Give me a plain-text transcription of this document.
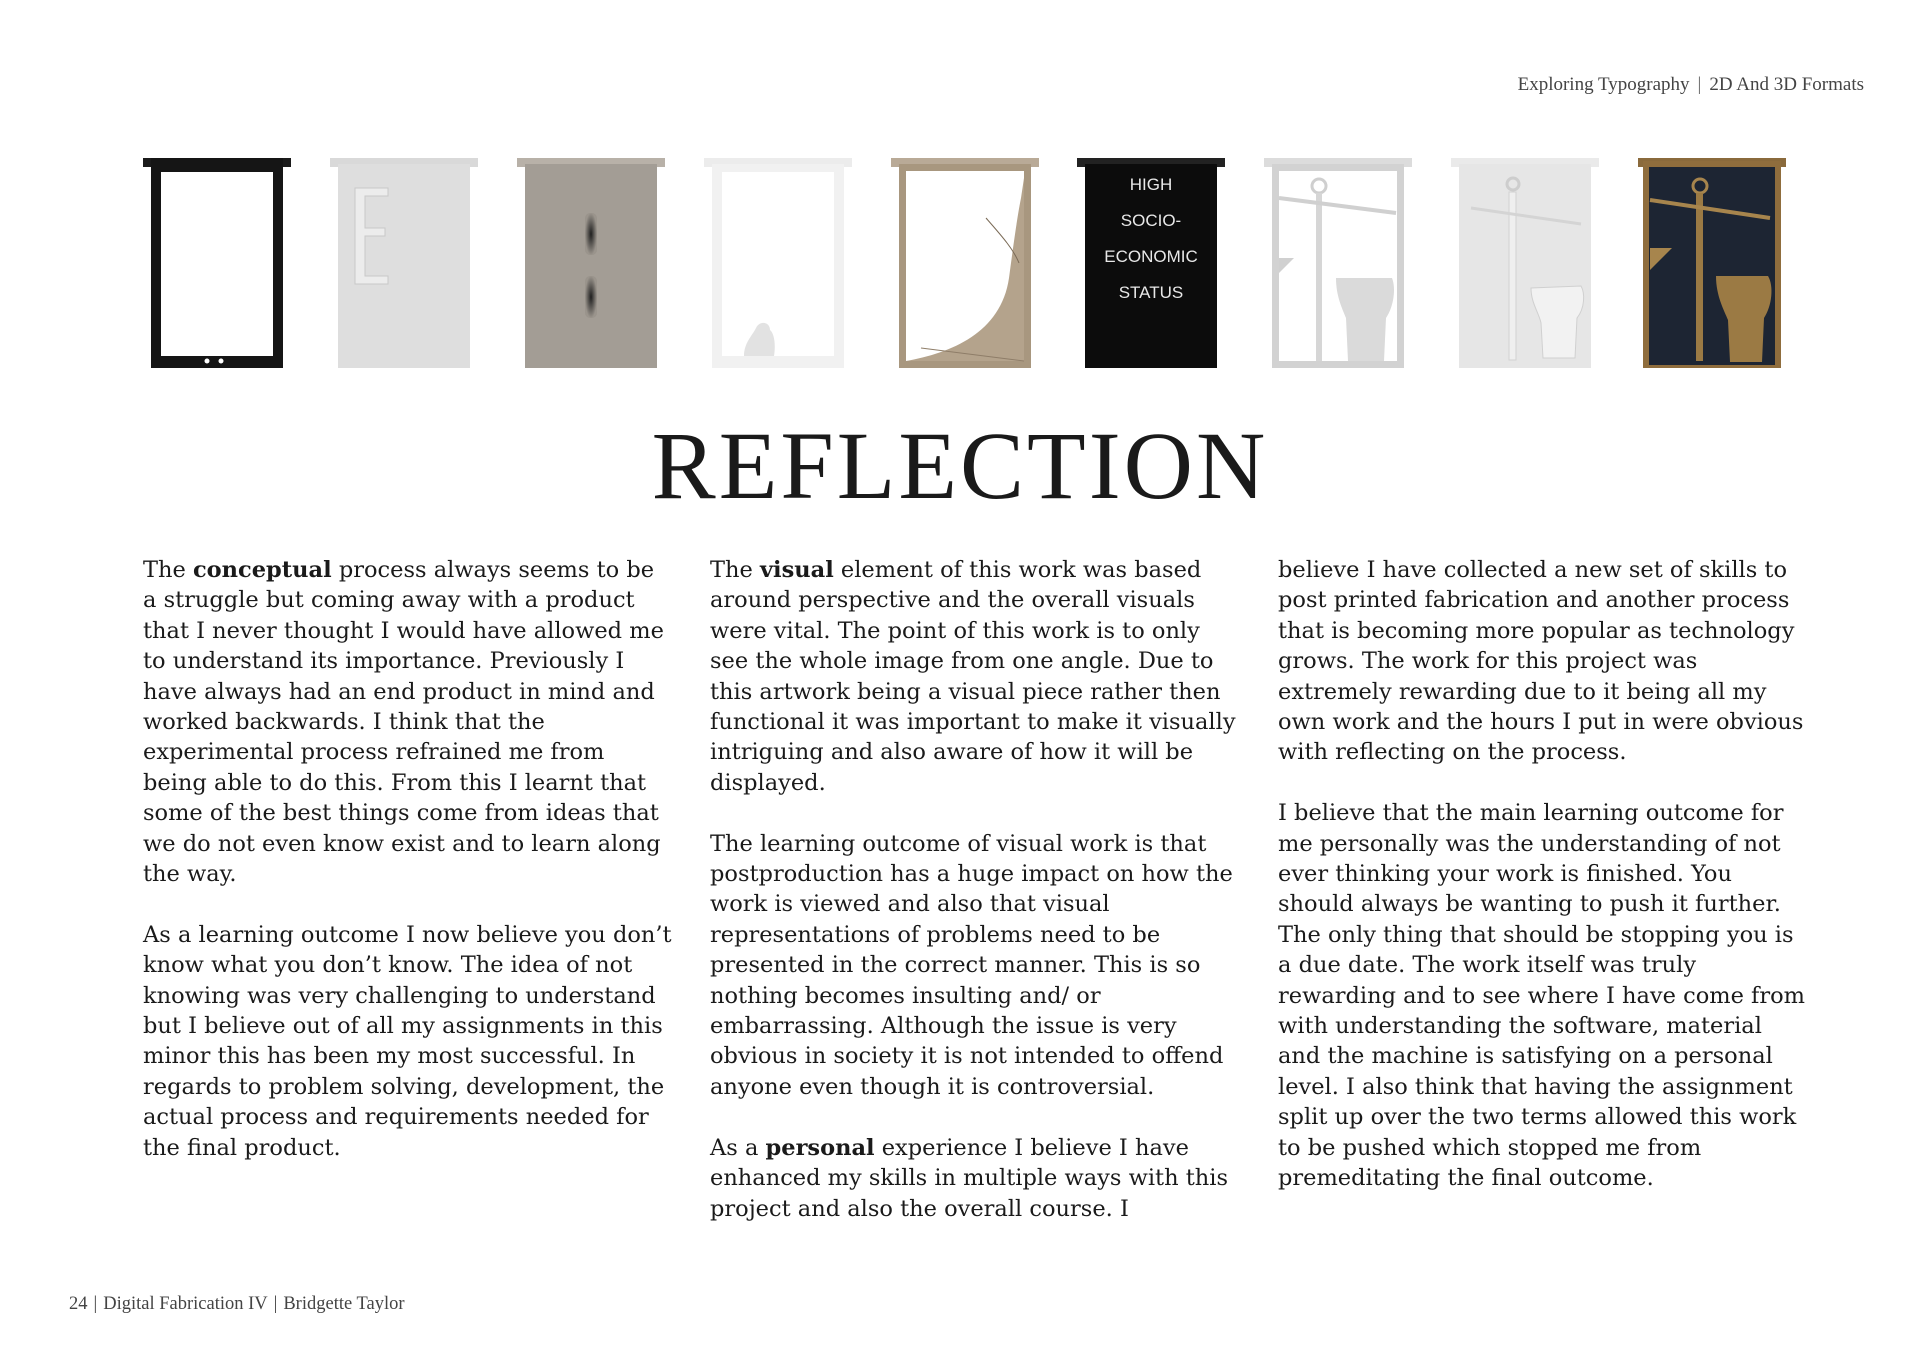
Exploring Typography | 2D And 3D Formats
HIGH
SOCIO-
ECONOMIC
STATUS
REFLECTION

The conceptual process always seems to be a struggle but coming away with a product that I never thought I would have allowed me to understand its importance. Previously I have always had an end product in mind and worked backwards. I think that the experimental process refrained me from being able to do this. From this I learnt that some of the best things come from ideas that we do not even know exist and to learn along the way.

As a learning outcome I now believe you don’t know what you don’t know. The idea of not knowing was very challenging to understand but I believe out of all my assignments in this minor this has been my most successful. In regards to problem solving, development, the actual process and requirements needed for the final product.

The visual element of this work was based around perspective and the overall visuals were vital. The point of this work is to only see the whole image from one angle. Due to this artwork being a visual piece rather then functional it was important to make it visually intriguing and also aware of how it will be displayed.

The learning outcome of visual work is that postproduction has a huge impact on how the work is viewed and also that visual representations of problems need to be presented in the correct manner. This is so nothing becomes insulting and/ or embarrassing. Although the issue is very obvious in society it is not intended to offend anyone even though it is controversial.

As a personal experience I believe I have enhanced my skills in multiple ways with this project and also the overall course. I

believe I have collected a new set of skills to post printed fabrication and another process that is becoming more popular as technology grows. The work for this project was extremely rewarding due to it being all my own work and the hours I put in were obvious with reflecting on the process.

I believe that the main learning outcome for me personally was the understanding of not ever thinking your work is finished. You should always be wanting to push it further. The only thing that should be stopping you is a due date. The work itself was truly rewarding and to see where I have come from with understanding the software, material and the machine is satisfying on a personal level. I also think that having the assignment split up over the two terms allowed this work to be pushed which stopped me from premeditating the final outcome.

24 | Digital Fabrication IV | Bridgette Taylor
